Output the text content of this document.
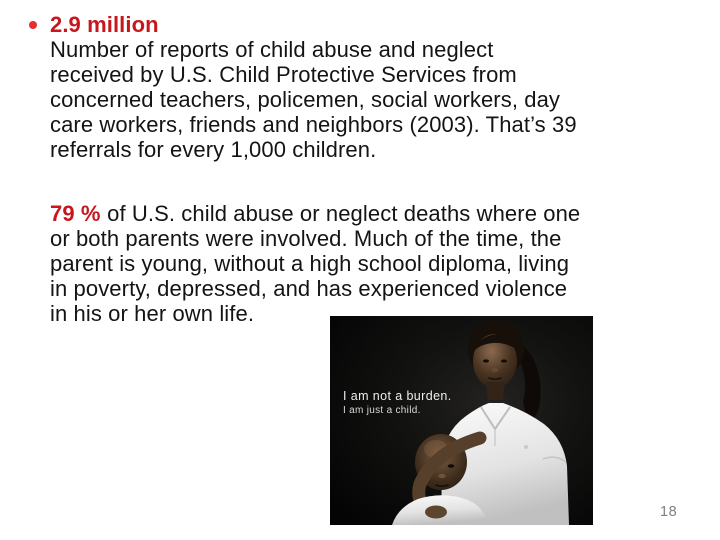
2.9 million
Number of reports of child abuse and neglect
received by U.S. Child Protective Services from
concerned teachers, policemen, social workers, day
care workers, friends and neighbors (2003). That’s 39
referrals for every 1,000 children.
79 % of U.S. child abuse or neglect deaths where one
or both parents were involved. Much of the time, the
parent is young, without a high school diploma, living
in poverty, depressed, and has experienced violence
in his or her own life.
I am not a burden.
I am just a child.
18
